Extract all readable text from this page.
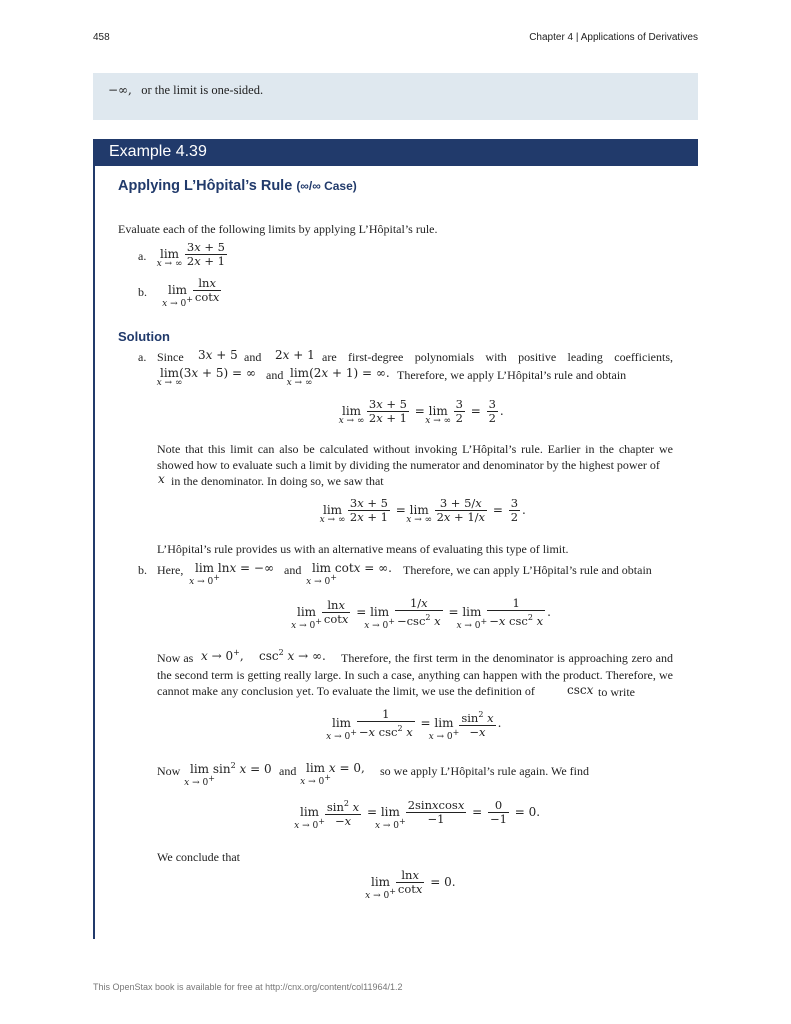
458	Chapter 4 | Applications of Derivatives
−∞, or the limit is one-sided.
Example 4.39
Applying L’Hôpital’s Rule (∞/∞ Case)
Evaluate each of the following limits by applying L’Hôpital’s rule.
a. lim
x → ∞
$\frac{3x + 5}{2x + 1}$
b. lim
x → 0+
$\frac{\ln x}{\cot x}$
Solution
a. Since 3x + 5 and 2x + 1 are first-degree polynomials with positive leading coefficients,
lim
x → ∞
(3x + 5) = ∞ and lim
x → ∞
(2x + 1) = ∞. Therefore, we apply L’Hôpital’s rule and obtain
lim
x → ∞
$\frac{3x + 5}{2x + 1} = \lim$
x → ∞
$\frac{3}{2} = \frac{3}{2}$ .
Note that this limit can also be calculated without invoking L’Hôpital’s rule. Earlier in the chapter we showed how to evaluate such a limit by dividing the numerator and denominator by the highest power of
x in the denominator. In doing so, we saw that
lim
x → ∞
$\frac{3x + 5}{2x + 1} = \lim$
x → ∞
$\frac{3 + 5/x}{2x + 1/x} = \frac{3}{2}$ .
L’Hôpital’s rule provides us with an alternative means of evaluating this type of limit.
b. Here, lim
x → 0+
lnx = −∞ and lim
x → 0+
cotx = ∞. Therefore, we can apply L’Hôpital’s rule and obtain
lim
x → 0+
$\frac{\ln x}{\cot x} = \lim$
x → 0+
$\frac{1/x}{-\csc^2 x} = \lim$
x → 0+
$\frac{1}{-x \csc^2 x}$ .
Now as x → 0+, $\csc^2 x$ → ∞. Therefore, the first term in the denominator is approaching zero and
the second term is getting really large. In such a case, anything can happen with the product. Therefore, we cannot make any conclusion yet. To evaluate the limit, we use the definition of	cscx to write
lim
x → 0+
$\frac{1}{-x \csc^2 x} = \lim$
x → 0+
$\frac{\sin^2 x}{-x}$ .
Now lim
x → 0+
$\sin^2 x = 0$ and lim
x → 0+
x = 0, so we apply L’Hôpital’s rule again. We find
lim
x → 0+
$\frac{\sin^2 x}{-x} = \lim$
x → 0+
$\frac{\text{2sinxcosx}}{-1} = \frac{0}{-1} = 0$.
We conclude that
lim
x → 0+
$\frac{\ln x}{\cot x} = 0$.
This OpenStax book is available for free at http://cnx.org/content/col11964/1.2
